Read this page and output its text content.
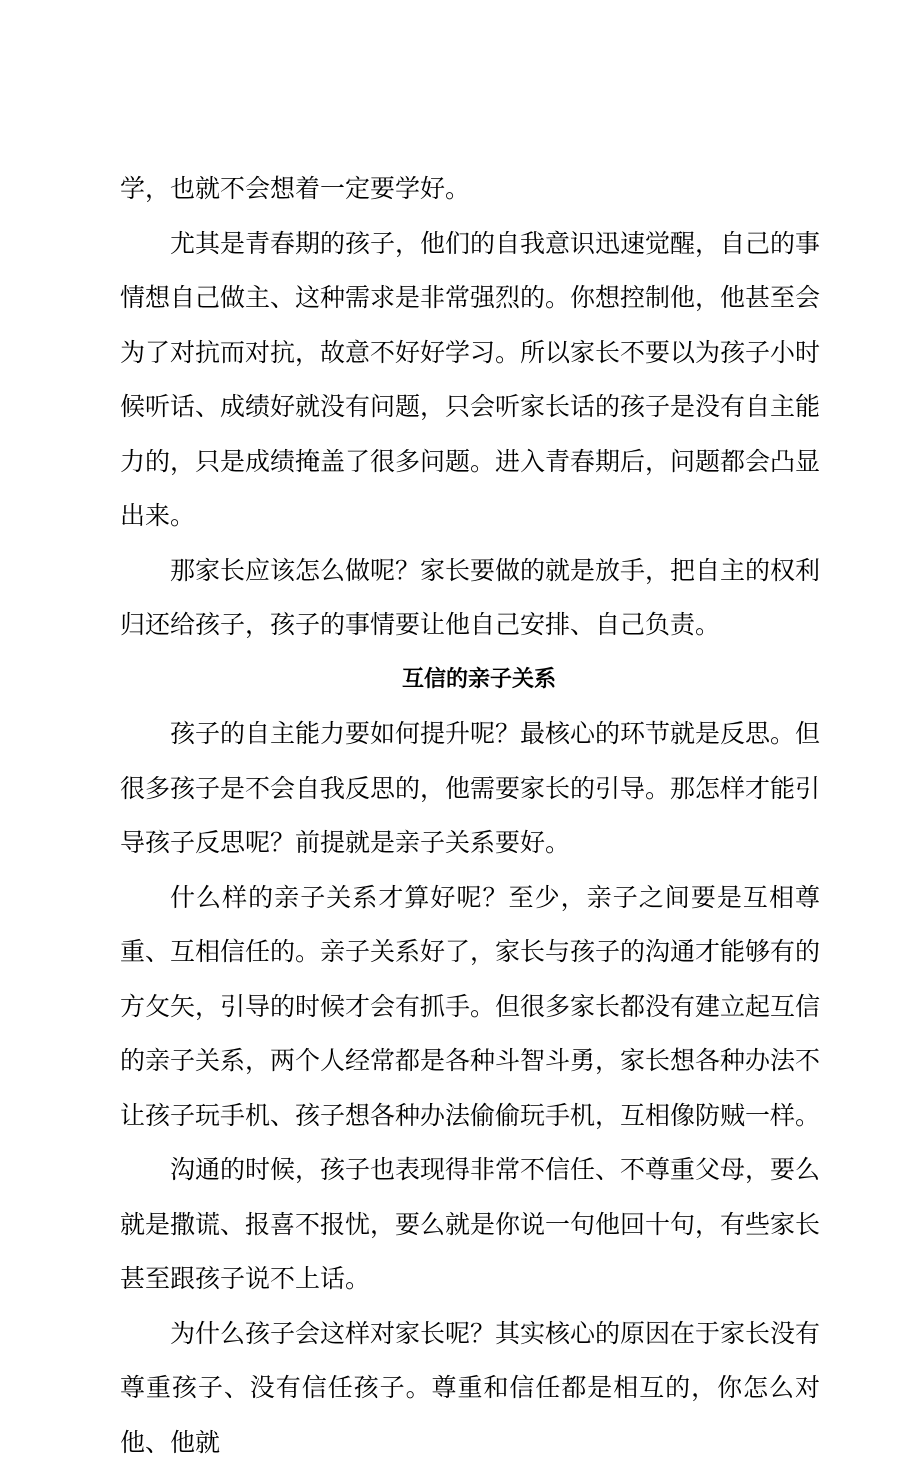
学，也就不会想着一定要学好。

尤其是青春期的孩子，他们的自我意识迅速觉醒，自己的事情想自己做主、这种需求是非常强烈的。你想控制他，他甚至会为了对抗而对抗，故意不好好学习。所以家长不要以为孩子小时候听话、成绩好就没有问题，只会听家长话的孩子是没有自主能力的，只是成绩掩盖了很多问题。进入青春期后，问题都会凸显出来。

那家长应该怎么做呢？家长要做的就是放手，把自主的权利归还给孩子，孩子的事情要让他自己安排、自己负责。

互信的亲子关系

孩子的自主能力要如何提升呢？最核心的环节就是反思。但很多孩子是不会自我反思的，他需要家长的引导。那怎样才能引导孩子反思呢？前提就是亲子关系要好。

什么样的亲子关系才算好呢？至少，亲子之间要是互相尊重、互相信任的。亲子关系好了，家长与孩子的沟通才能够有的方攵矢，引导的时候才会有抓手。但很多家长都没有建立起互信的亲子关系，两个人经常都是各种斗智斗勇，家长想各种办法不让孩子玩手机、孩子想各种办法偷偷玩手机，互相像防贼一样。

沟通的时候，孩子也表现得非常不信任、不尊重父母，要么就是撒谎、报喜不报忧，要么就是你说一句他回十句，有些家长甚至跟孩子说不上话。

为什么孩子会这样对家长呢？其实核心的原因在于家长没有尊重孩子、没有信任孩子。尊重和信任都是相互的，你怎么对他、他就
